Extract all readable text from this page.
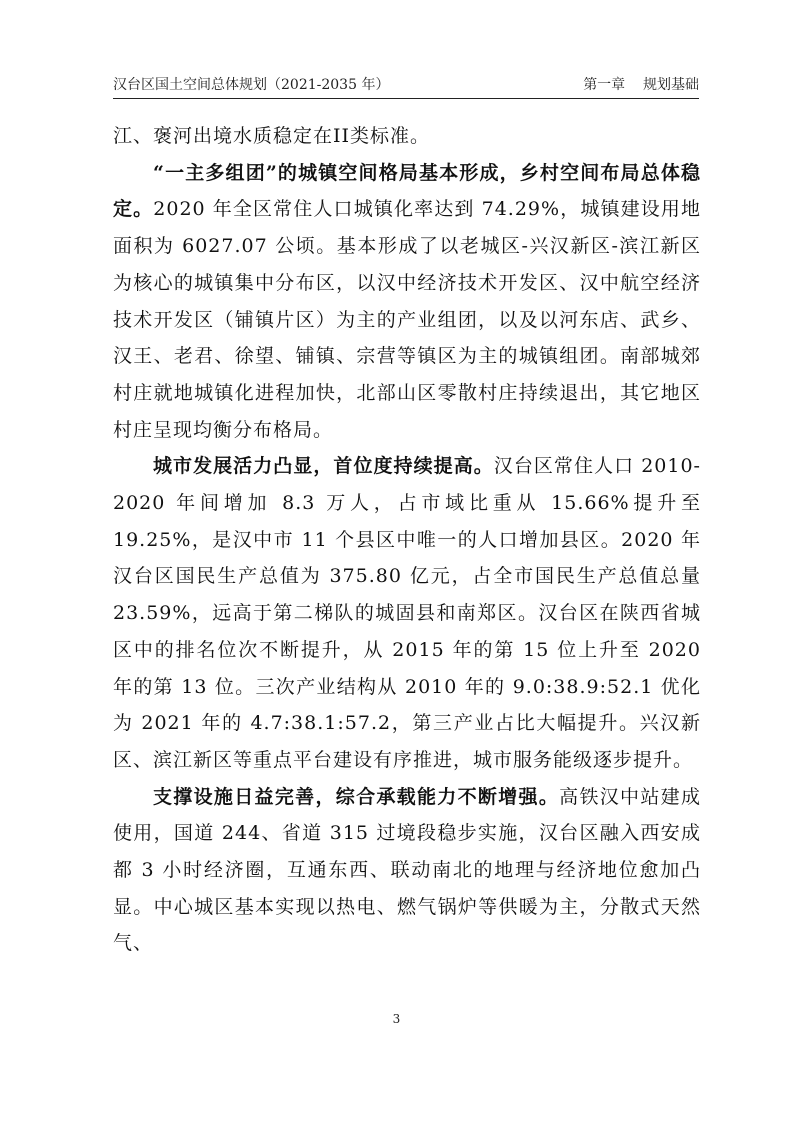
汉台区国土空间总体规划（2021-2035 年）	第一章    规划基础

江、褒河出境水质稳定在II类标准。

“一主多组团”的城镇空间格局基本形成，乡村空间布局总体稳定。2020 年全区常住人口城镇化率达到 74.29%，城镇建设用地面积为 6027.07 公顷。基本形成了以老城区-兴汉新区-滨江新区为核心的城镇集中分布区，以汉中经济技术开发区、汉中航空经济技术开发区（铺镇片区）为主的产业组团，以及以河东店、武乡、汉王、老君、徐望、铺镇、宗营等镇区为主的城镇组团。南部城郊村庄就地城镇化进程加快，北部山区零散村庄持续退出，其它地区村庄呈现均衡分布格局。

城市发展活力凸显，首位度持续提高。汉台区常住人口 2010-2020 年间增加 8.3 万人，占市域比重从 15.66%提升至 19.25%，是汉中市 11 个县区中唯一的人口增加县区。2020 年汉台区国民生产总值为 375.80 亿元，占全市国民生产总值总量 23.59%，远高于第二梯队的城固县和南郑区。汉台区在陕西省城区中的排名位次不断提升，从 2015 年的第 15 位上升至 2020 年的第 13 位。三次产业结构从 2010 年的 9.0:38.9:52.1 优化为 2021 年的 4.7:38.1:57.2，第三产业占比大幅提升。兴汉新区、滨江新区等重点平台建设有序推进，城市服务能级逐步提升。

支撑设施日益完善，综合承载能力不断增强。高铁汉中站建成使用，国道 244、省道 315 过境段稳步实施，汉台区融入西安成都 3 小时经济圈，互通东西、联动南北的地理与经济地位愈加凸显。中心城区基本实现以热电、燃气锅炉等供暖为主，分散式天然气、

3
